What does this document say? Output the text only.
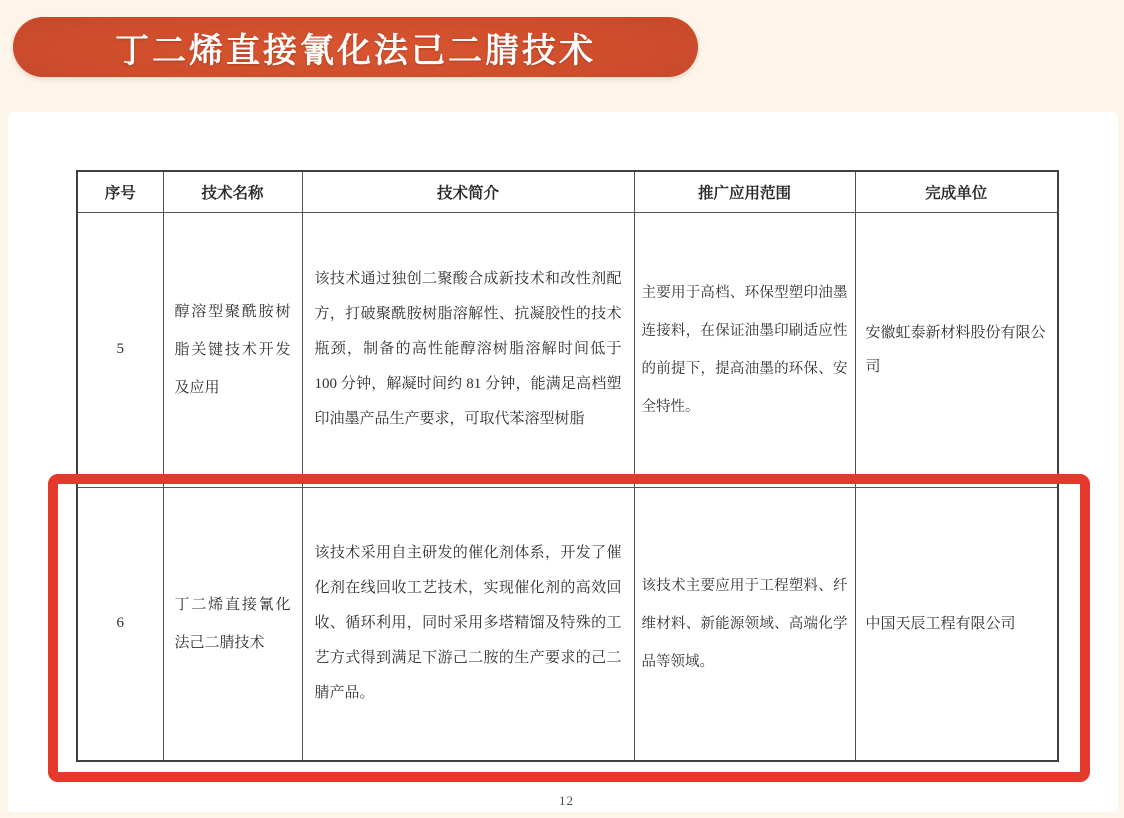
丁二烯直接氰化法己二腈技术
序号	技术名称	技术简介	推广应用范围	完成单位
5	醇溶型聚酰胺树脂关键技术开发及应用	该技术通过独创二聚酸合成新技术和改性剂配方，打破聚酰胺树脂溶解性、抗凝胶性的技术瓶颈，制备的高性能醇溶树脂溶解时间低于 100 分钟，解凝时间约 81 分钟，能满足高档塑印油墨产品生产要求，可取代苯溶型树脂	主要用于高档、环保型塑印油墨连接料，在保证油墨印刷适应性的前提下，提高油墨的环保、安全特性。	安徽虹泰新材料股份有限公司
6	丁二烯直接氰化法己二腈技术	该技术采用自主研发的催化剂体系，开发了催化剂在线回收工艺技术，实现催化剂的高效回收、循环利用，同时采用多塔精馏及特殊的工艺方式得到满足下游己二胺的生产要求的己二腈产品。	该技术主要应用于工程塑料、纤维材料、新能源领域、高端化学品等领域。	中国天辰工程有限公司
12
